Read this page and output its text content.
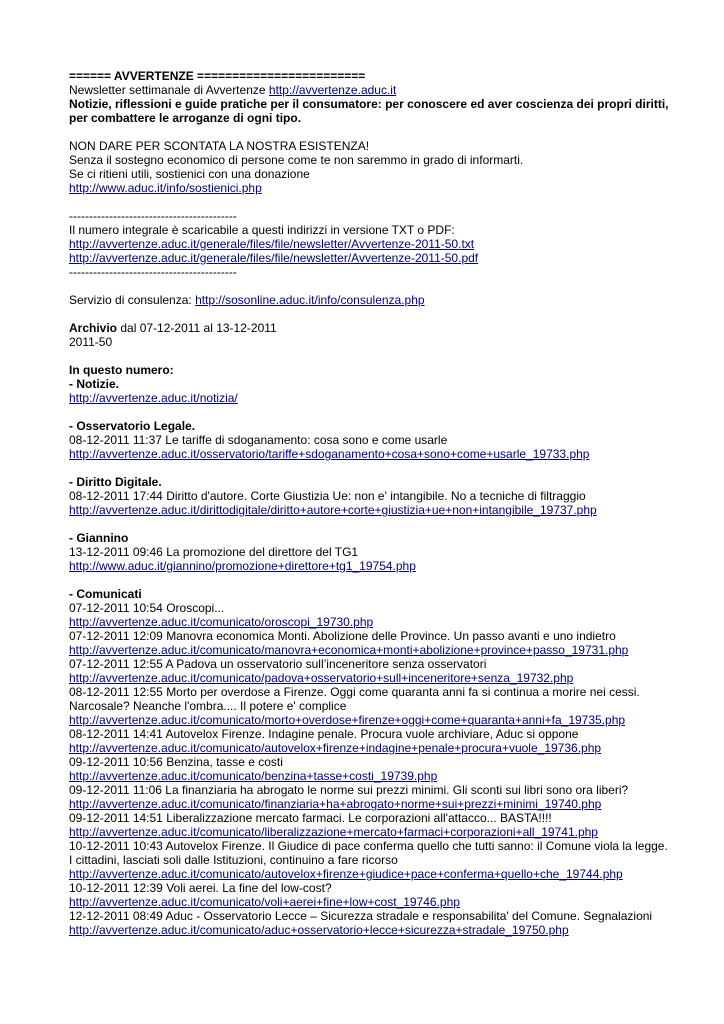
====== AVVERTENZE ========================
Newsletter settimanale di Avvertenze http://avvertenze.aduc.it
Notizie, riflessioni e guide pratiche per il consumatore: per conoscere ed aver coscienza dei propri diritti, per combattere le arroganze di ogni tipo.
NON DARE PER SCONTATA LA NOSTRA ESISTENZA!
Senza il sostegno economico di persone come te non saremmo in grado di informarti.
Se ci ritieni utili, sostienici con una donazione
http://www.aduc.it/info/sostienici.php
------------------------------------------
Il numero integrale è scaricabile a questi indirizzi in versione TXT o PDF:
http://avvertenze.aduc.it/generale/files/file/newsletter/Avvertenze-2011-50.txt
http://avvertenze.aduc.it/generale/files/file/newsletter/Avvertenze-2011-50.pdf
------------------------------------------
Servizio di consulenza: http://sosonline.aduc.it/info/consulenza.php
Archivio dal 07-12-2011 al 13-12-2011
2011-50
In questo numero:
- Notizie.
http://avvertenze.aduc.it/notizia/
- Osservatorio Legale.
08-12-2011 11:37 Le tariffe di sdoganamento: cosa sono e come usarle
http://avvertenze.aduc.it/osservatorio/tariffe+sdoganamento+cosa+sono+come+usarle_19733.php
- Diritto Digitale.
08-12-2011 17:44 Diritto d'autore. Corte Giustizia Ue: non e' intangibile. No a tecniche di filtraggio
http://avvertenze.aduc.it/dirittodigitale/diritto+autore+corte+giustizia+ue+non+intangibile_19737.php
- Giannino
13-12-2011 09:46 La promozione del direttore del TG1
http://www.aduc.it/giannino/promozione+direttore+tg1_19754.php
- Comunicati
07-12-2011 10:54 Oroscopi...
http://avvertenze.aduc.it/comunicato/oroscopi_19730.php
07-12-2011 12:09 Manovra economica Monti. Abolizione delle Province. Un passo avanti e uno indietro
http://avvertenze.aduc.it/comunicato/manovra+economica+monti+abolizione+province+passo_19731.php
07-12-2011 12:55 A Padova un osservatorio sull’inceneritore senza osservatori
http://avvertenze.aduc.it/comunicato/padova+osservatorio+sull+inceneritore+senza_19732.php
08-12-2011 12:55 Morto per overdose a Firenze. Oggi come quaranta anni fa si continua a morire nei cessi. Narcosale? Neanche l'ombra.... Il potere e' complice
http://avvertenze.aduc.it/comunicato/morto+overdose+firenze+oggi+come+quaranta+anni+fa_19735.php
08-12-2011 14:41 Autovelox Firenze. Indagine penale. Procura vuole archiviare, Aduc si oppone
http://avvertenze.aduc.it/comunicato/autovelox+firenze+indagine+penale+procura+vuole_19736.php
09-12-2011 10:56 Benzina, tasse e costi
http://avvertenze.aduc.it/comunicato/benzina+tasse+costi_19739.php
09-12-2011 11:06 La finanziaria ha abrogato le norme sui prezzi minimi. Gli sconti sui libri sono ora liberi?
http://avvertenze.aduc.it/comunicato/finanziaria+ha+abrogato+norme+sui+prezzi+minimi_19740.php
09-12-2011 14:51 Liberalizzazione mercato farmaci. Le corporazioni all'attacco... BASTA!!!!
http://avvertenze.aduc.it/comunicato/liberalizzazione+mercato+farmaci+corporazioni+all_19741.php
10-12-2011 10:43 Autovelox Firenze. Il Giudice di pace conferma quello che tutti sanno: il Comune viola la legge. I cittadini, lasciati soli dalle Istituzioni, continuino a fare ricorso
http://avvertenze.aduc.it/comunicato/autovelox+firenze+giudice+pace+conferma+quello+che_19744.php
10-12-2011 12:39 Voli aerei. La fine del low-cost?
http://avvertenze.aduc.it/comunicato/voli+aerei+fine+low+cost_19746.php
12-12-2011 08:49 Aduc - Osservatorio Lecce – Sicurezza stradale e responsabilita' del Comune. Segnalazioni
http://avvertenze.aduc.it/comunicato/aduc+osservatorio+lecce+sicurezza+stradale_19750.php
